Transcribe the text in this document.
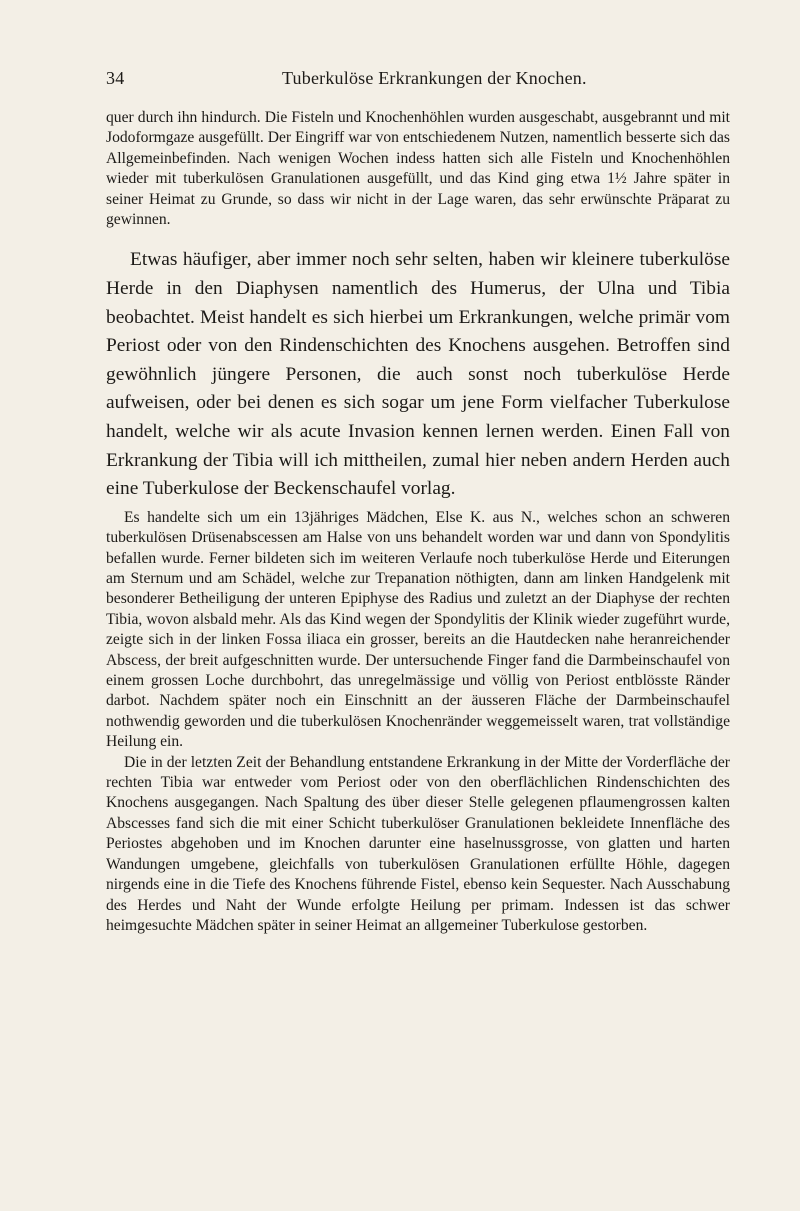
34	Tuberkulöse Erkrankungen der Knochen.

quer durch ihn hindurch. Die Fisteln und Knochenhöhlen wurden ausgeschabt, ausgebrannt und mit Jodoformgaze ausgefüllt. Der Eingriff war von entschiedenem Nutzen, namentlich besserte sich das Allgemeinbefinden. Nach wenigen Wochen indess hatten sich alle Fisteln und Knochenhöhlen wieder mit tuberkulösen Granulationen ausgefüllt, und das Kind ging etwa 1½ Jahre später in seiner Heimat zu Grunde, so dass wir nicht in der Lage waren, das sehr erwünschte Präparat zu gewinnen.

Etwas häufiger, aber immer noch sehr selten, haben wir kleinere tuberkulöse Herde in den Diaphysen namentlich des Humerus, der Ulna und Tibia beobachtet. Meist handelt es sich hierbei um Erkrankungen, welche primär vom Periost oder von den Rindenschichten des Knochens ausgehen. Betroffen sind gewöhnlich jüngere Personen, die auch sonst noch tuberkulöse Herde aufweisen, oder bei denen es sich sogar um jene Form vielfacher Tuberkulose handelt, welche wir als acute Invasion kennen lernen werden. Einen Fall von Erkrankung der Tibia will ich mittheilen, zumal hier neben andern Herden auch eine Tuberkulose der Beckenschaufel vorlag.

Es handelte sich um ein 13jähriges Mädchen, Else K. aus N., welches schon an schweren tuberkulösen Drüsenabscessen am Halse von uns behandelt worden war und dann von Spondylitis befallen wurde. Ferner bildeten sich im weiteren Verlaufe noch tuberkulöse Herde und Eiterungen am Sternum und am Schädel, welche zur Trepanation nöthigten, dann am linken Handgelenk mit besonderer Betheiligung der unteren Epiphyse des Radius und zuletzt an der Diaphyse der rechten Tibia, wovon alsbald mehr. Als das Kind wegen der Spondylitis der Klinik wieder zugeführt wurde, zeigte sich in der linken Fossa iliaca ein grosser, bereits an die Hautdecken nahe heranreichender Abscess, der breit aufgeschnitten wurde. Der untersuchende Finger fand die Darmbeinschaufel von einem grossen Loche durchbohrt, das unregelmässige und völlig von Periost entblösste Ränder darbot. Nachdem später noch ein Einschnitt an der äusseren Fläche der Darmbeinschaufel nothwendig geworden und die tuberkulösen Knochenränder weggemeisselt waren, trat vollständige Heilung ein.

Die in der letzten Zeit der Behandlung entstandene Erkrankung in der Mitte der Vorderfläche der rechten Tibia war entweder vom Periost oder von den oberflächlichen Rindenschichten des Knochens ausgegangen. Nach Spaltung des über dieser Stelle gelegenen pflaumengrossen kalten Abscesses fand sich die mit einer Schicht tuberkulöser Granulationen bekleidete Innenfläche des Periostes abgehoben und im Knochen darunter eine haselnussgrosse, von glatten und harten Wandungen umgebene, gleichfalls von tuberkulösen Granulationen erfüllte Höhle, dagegen nirgends eine in die Tiefe des Knochens führende Fistel, ebenso kein Sequester. Nach Ausschabung des Herdes und Naht der Wunde erfolgte Heilung per primam. Indessen ist das schwer heimgesuchte Mädchen später in seiner Heimat an allgemeiner Tuberkulose gestorben.
